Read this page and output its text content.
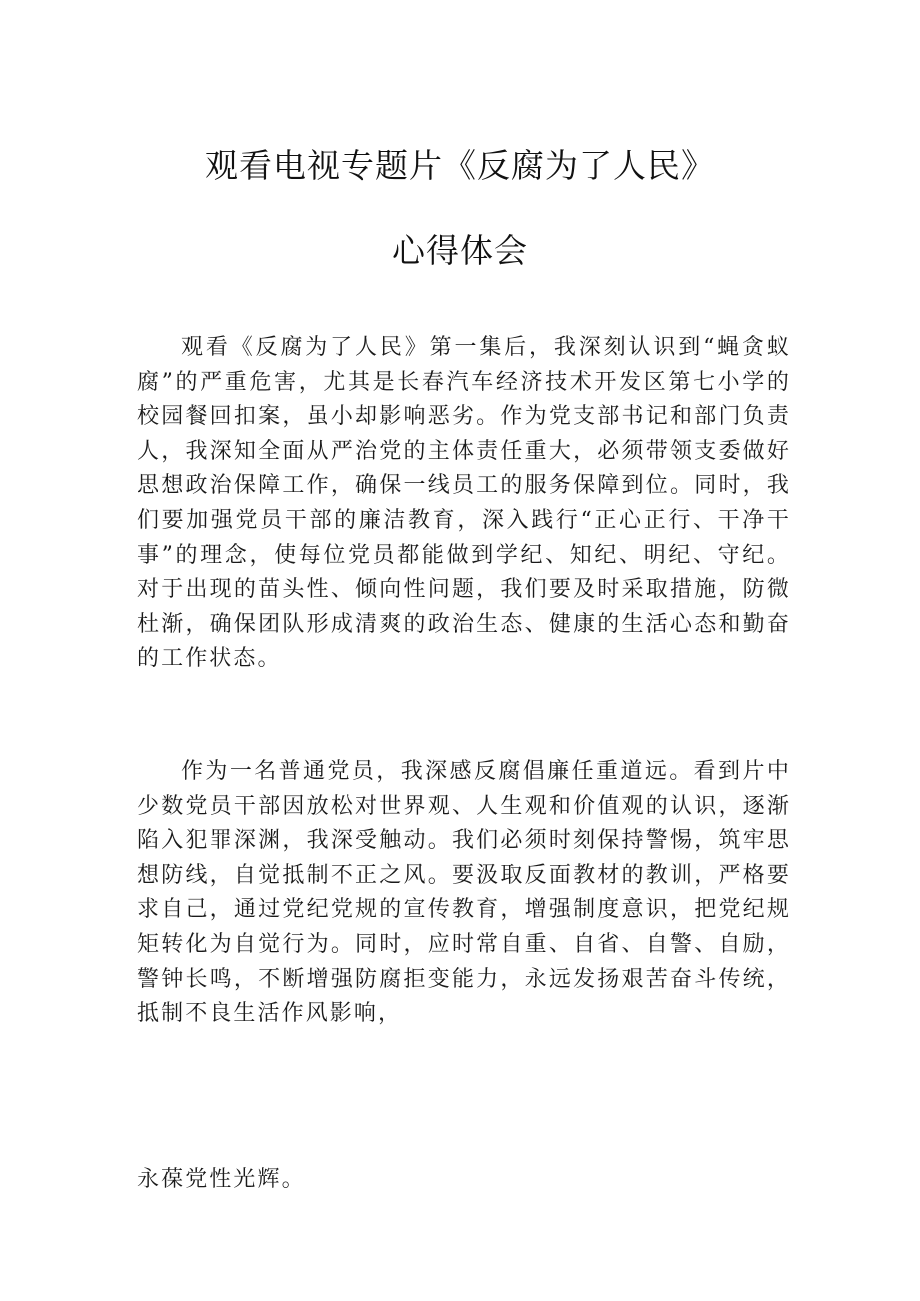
观看电视专题片《反腐为了人民》
心得体会

观看《反腐为了人民》第一集后，我深刻认识到“蝇贪蚁腐”的严重危害，尤其是长春汽车经济技术开发区第七小学的校园餐回扣案，虽小却影响恶劣。作为党支部书记和部门负责人，我深知全面从严治党的主体责任重大，必须带领支委做好思想政治保障工作，确保一线员工的服务保障到位。同时，我们要加强党员干部的廉洁教育，深入践行“正心正行、干净干事”的理念，使每位党员都能做到学纪、知纪、明纪、守纪。对于出现的苗头性、倾向性问题，我们要及时采取措施，防微杜渐，确保团队形成清爽的政治生态、健康的生活心态和勤奋的工作状态。

作为一名普通党员，我深感反腐倡廉任重道远。看到片中少数党员干部因放松对世界观、人生观和价值观的认识，逐渐陷入犯罪深渊，我深受触动。我们必须时刻保持警惕，筑牢思想防线，自觉抵制不正之风。要汲取反面教材的教训，严格要求自己，通过党纪党规的宣传教育，增强制度意识，把党纪规矩转化为自觉行为。同时，应时常自重、自省、自警、自励，警钟长鸣，不断增强防腐拒变能力，永远发扬艰苦奋斗传统，抵制不良生活作风影响，

永葆党性光辉。
